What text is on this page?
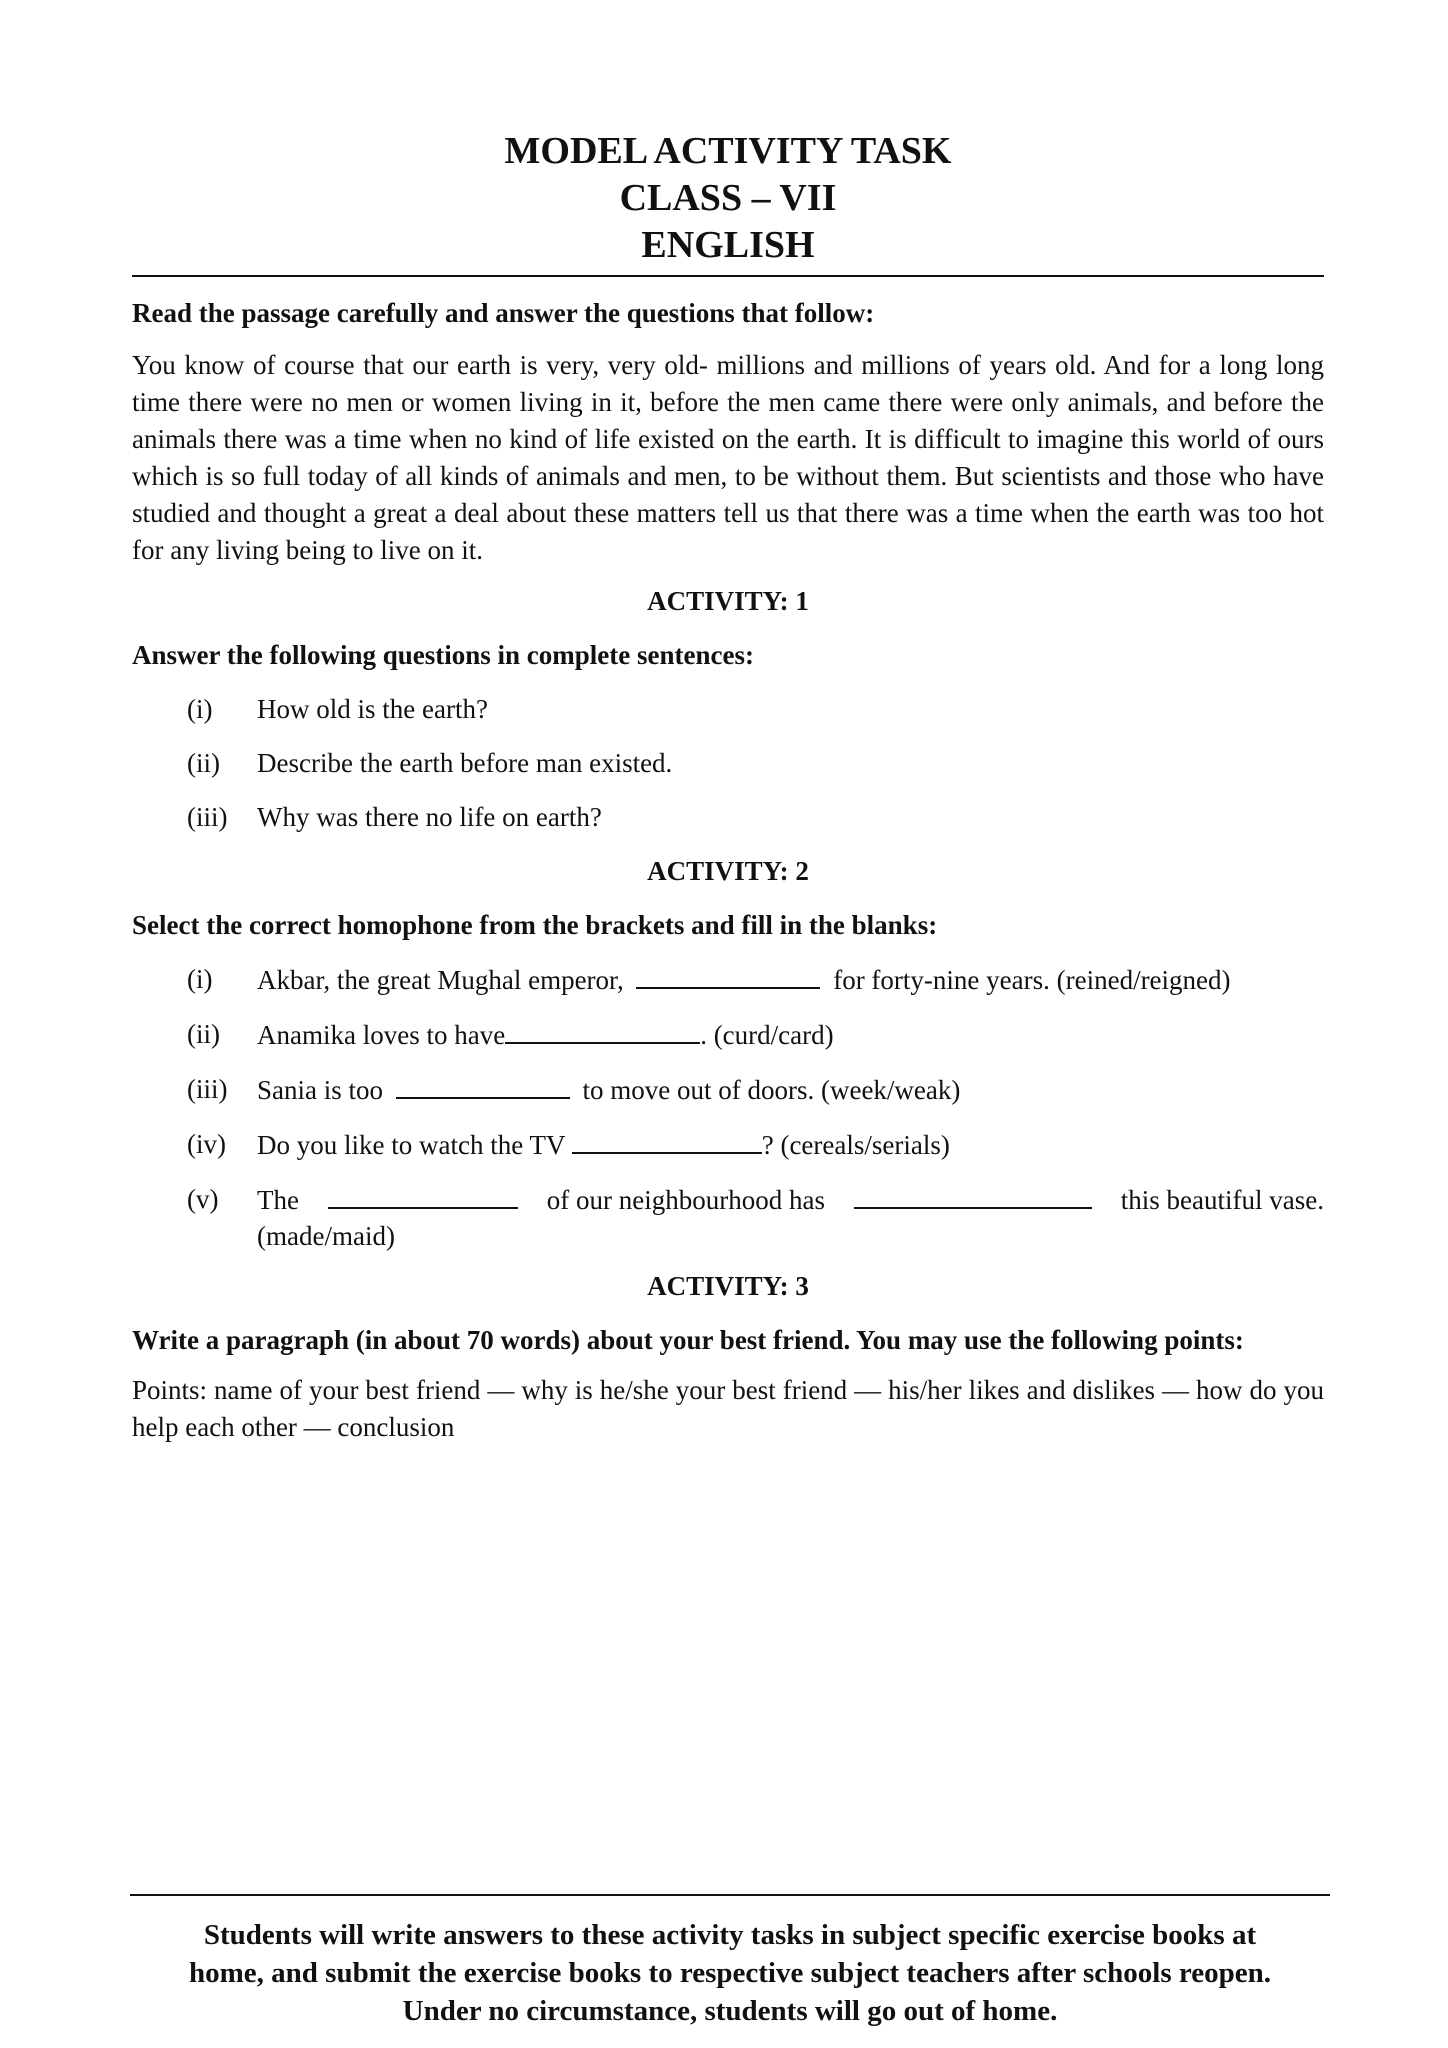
MODEL ACTIVITY TASK
CLASS – VII
ENGLISH

Read the passage carefully and answer the questions that follow:

You know of course that our earth is very, very old- millions and millions of years old. And for a long long time there were no men or women living in it, before the men came there were only animals, and before the animals there was a time when no kind of life existed on the earth. It is difficult to imagine this world of ours which is so full today of all kinds of animals and men, to be without them. But scientists and those who have studied and thought a great a deal about these matters tell us that there was a time when the earth was too hot for any living being to live on it.

ACTIVITY: 1

Answer the following questions in complete sentences:

(i)	How old is the earth?
(ii)	Describe the earth before man existed.
(iii)	Why was there no life on earth?
ACTIVITY: 2

Select the correct homophone from the brackets and fill in the blanks:

(i)	Akbar, the great Mughal emperor,	for forty-nine years. (reined/reigned)
(ii)	Anamika loves to have	. (curd/card)
(iii)	Sania is too	to move out of doors. (week/weak)
(iv)	Do you like to watch the TV	? (cereals/serials)
(v)	The	of our neighbourhood has	this beautiful vase.
(made/maid)
ACTIVITY: 3

Write a paragraph (in about 70 words) about your best friend. You may use the following points:

Points: name of your best friend — why is he/she your best friend — his/her likes and dislikes — how do you help each other — conclusion

Students will write answers to these activity tasks in subject specific exercise books at
home, and submit the exercise books to respective subject teachers after schools reopen.
Under no circumstance, students will go out of home.
